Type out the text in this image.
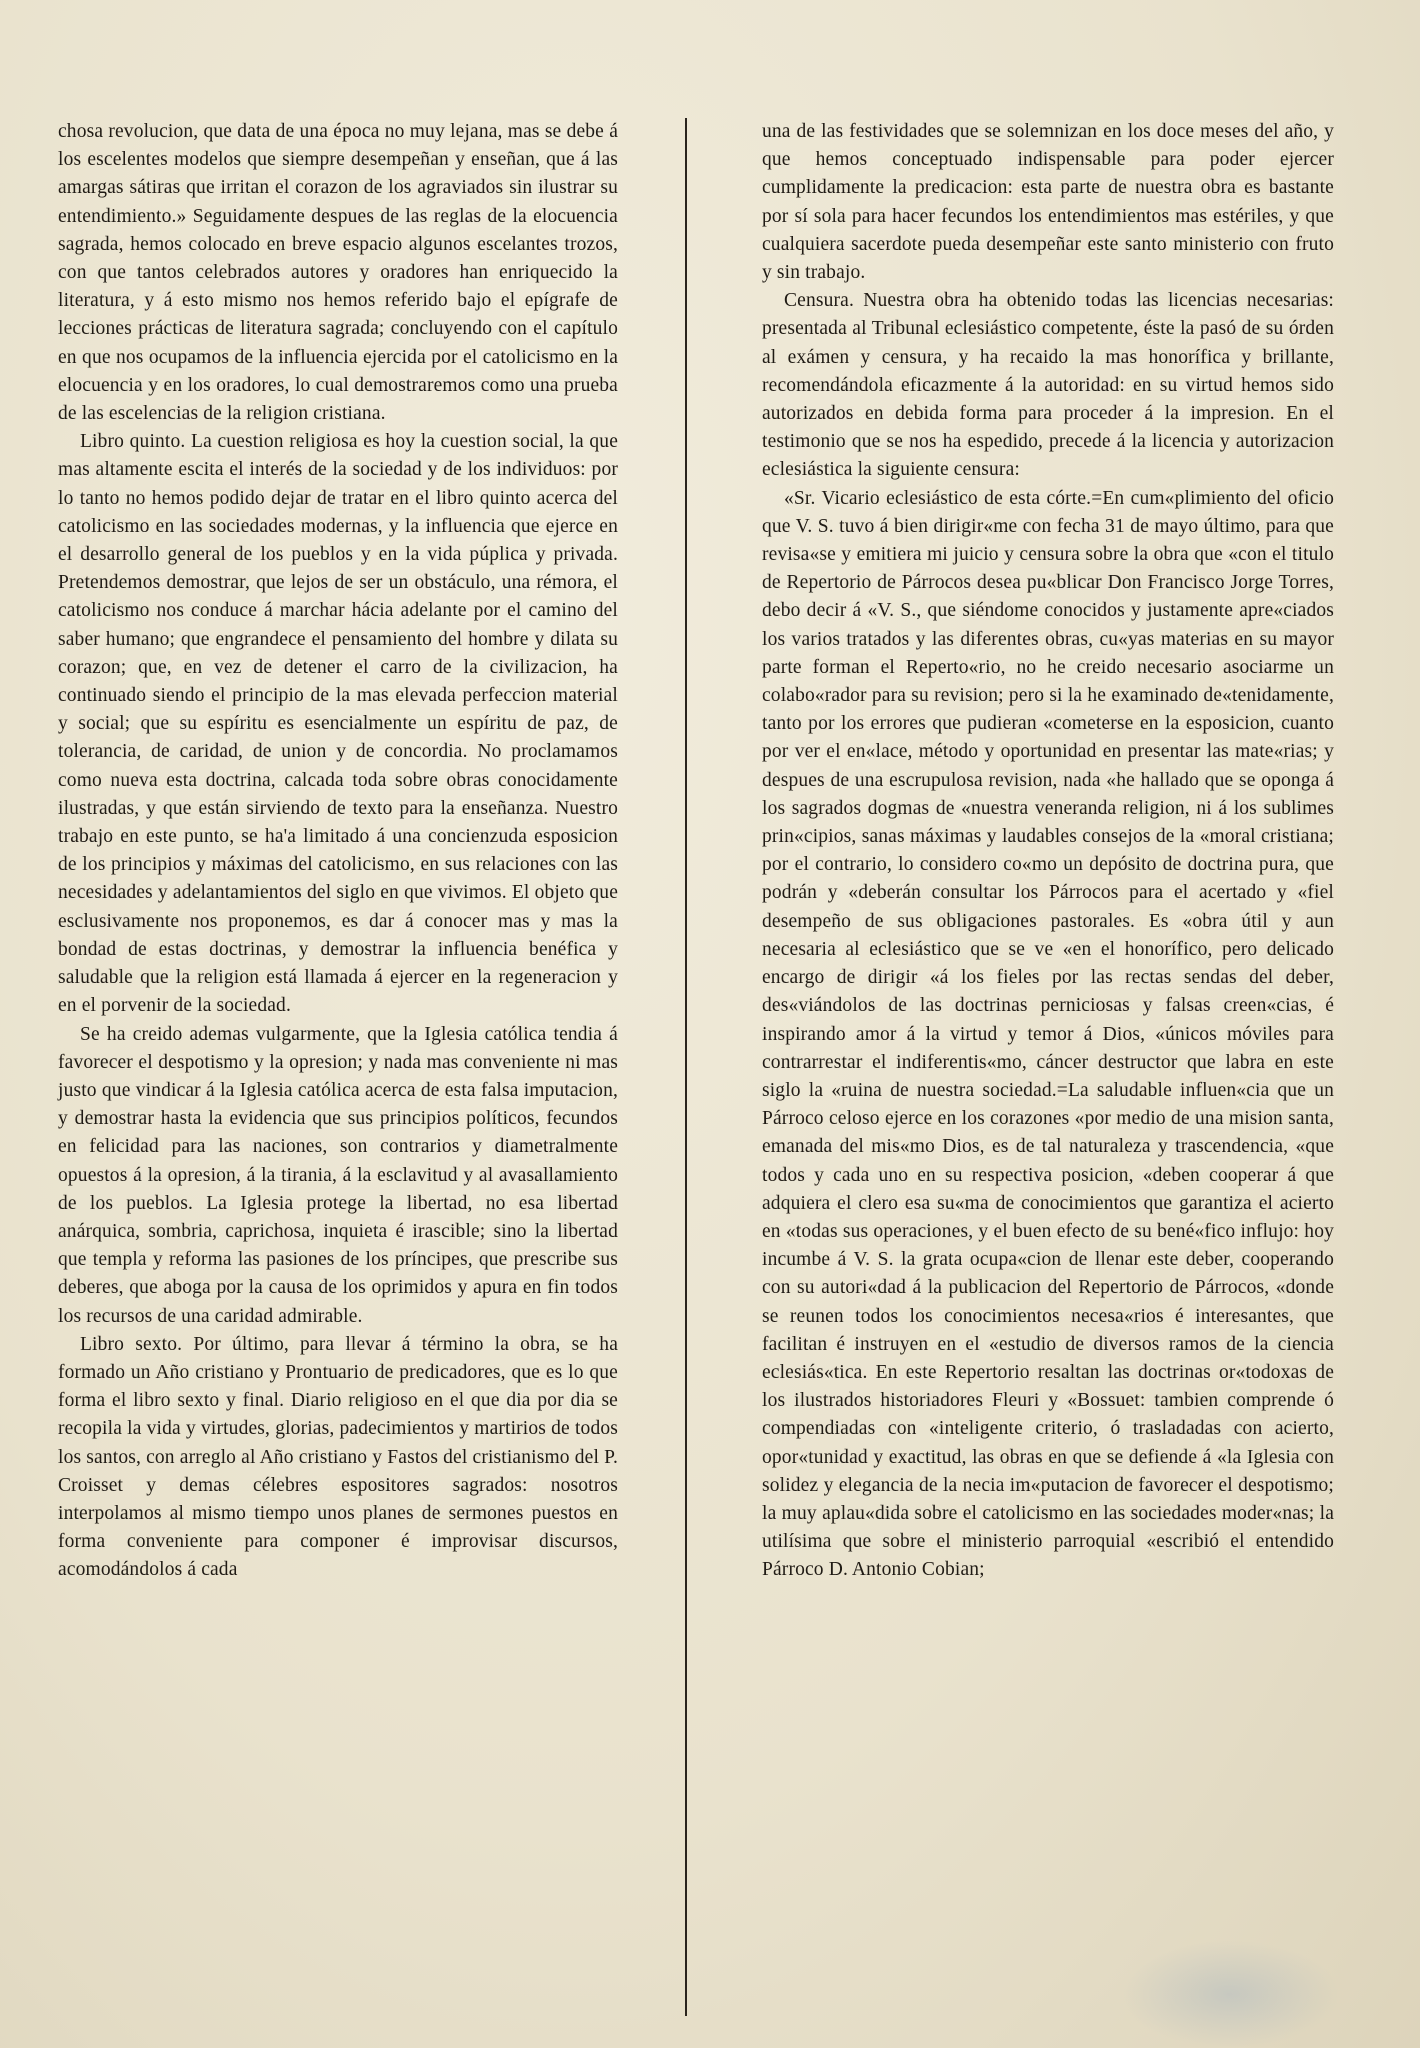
chosa revolucion, que data de una época no muy lejana, mas se debe á los escelentes modelos que siempre desempeñan y enseñan, que á las amargas sátiras que irritan el corazon de los agraviados sin ilustrar su entendimiento.» Seguidamente despues de las reglas de la elocuencia sagrada, hemos colocado en breve espacio algunos escelantes trozos, con que tantos celebrados autores y oradores han enriquecido la literatura, y á esto mismo nos hemos referido bajo el epígrafe de lecciones prácticas de literatura sagrada; concluyendo con el capítulo en que nos ocupamos de la influencia ejercida por el catolicismo en la elocuencia y en los oradores, lo cual demostraremos como una prueba de las escelencias de la religion cristiana.

Libro quinto. La cuestion religiosa es hoy la cuestion social, la que mas altamente escita el interés de la sociedad y de los individuos: por lo tanto no hemos podido dejar de tratar en el libro quinto acerca del catolicismo en las sociedades modernas, y la influencia que ejerce en el desarrollo general de los pueblos y en la vida púplica y privada. Pretendemos demostrar, que lejos de ser un obstáculo, una rémora, el catolicismo nos conduce á marchar hácia adelante por el camino del saber humano; que engrandece el pensamiento del hombre y dilata su corazon; que, en vez de detener el carro de la civilizacion, ha continuado siendo el principio de la mas elevada perfeccion material y social; que su espíritu es esencialmente un espíritu de paz, de tolerancia, de caridad, de union y de concordia. No proclamamos como nueva esta doctrina, calcada toda sobre obras conocidamente ilustradas, y que están sirviendo de texto para la enseñanza. Nuestro trabajo en este punto, se ha'a limitado á una concienzuda esposicion de los principios y máximas del catolicismo, en sus relaciones con las necesidades y adelantamientos del siglo en que vivimos. El objeto que esclusivamente nos proponemos, es dar á conocer mas y mas la bondad de estas doctrinas, y demostrar la influencia benéfica y saludable que la religion está llamada á ejercer en la regeneracion y en el porvenir de la sociedad.

Se ha creido ademas vulgarmente, que la Iglesia católica tendia á favorecer el despotismo y la opresion; y nada mas conveniente ni mas justo que vindicar á la Iglesia católica acerca de esta falsa imputacion, y demostrar hasta la evidencia que sus principios políticos, fecundos en felicidad para las naciones, son contrarios y diametralmente opuestos á la opresion, á la tirania, á la esclavitud y al avasallamiento de los pueblos. La Iglesia protege la libertad, no esa libertad anárquica, sombria, caprichosa, inquieta é irascible; sino la libertad que templa y reforma las pasiones de los príncipes, que prescribe sus deberes, que aboga por la causa de los oprimidos y apura en fin todos los recursos de una caridad admirable.

Libro sexto. Por último, para llevar á término la obra, se ha formado un Año cristiano y Prontuario de predicadores, que es lo que forma el libro sexto y final. Diario religioso en el que dia por dia se recopila la vida y virtudes, glorias, padecimientos y martirios de todos los santos, con arreglo al Año cristiano y Fastos del cristianismo del P. Croisset y demas célebres espositores sagrados: nosotros interpolamos al mismo tiempo unos planes de sermones puestos en forma conveniente para componer é improvisar discursos, acomodándolos á cada

una de las festividades que se solemnizan en los doce meses del año, y que hemos conceptuado indispensable para poder ejercer cumplidamente la predicacion: esta parte de nuestra obra es bastante por sí sola para hacer fecundos los entendimientos mas estériles, y que cualquiera sacerdote pueda desempeñar este santo ministerio con fruto y sin trabajo.

Censura. Nuestra obra ha obtenido todas las licencias necesarias: presentada al Tribunal eclesiástico competente, éste la pasó de su órden al exámen y censura, y ha recaido la mas honorífica y brillante, recomendándola eficazmente á la autoridad: en su virtud hemos sido autorizados en debida forma para proceder á la impresion. En el testimonio que se nos ha espedido, precede á la licencia y autorizacion eclesiástica la siguiente censura:

«Sr. Vicario eclesiástico de esta córte.=En cum«plimiento del oficio que V. S. tuvo á bien dirigir«me con fecha 31 de mayo último, para que revisa«se y emitiera mi juicio y censura sobre la obra que «con el titulo de Repertorio de Párrocos desea pu«blicar Don Francisco Jorge Torres, debo decir á «V. S., que siéndome conocidos y justamente apre«ciados los varios tratados y las diferentes obras, cu«yas materias en su mayor parte forman el Reperto«rio, no he creido necesario asociarme un colabo«rador para su revision; pero si la he examinado de«tenidamente, tanto por los errores que pudieran «cometerse en la esposicion, cuanto por ver el en«lace, método y oportunidad en presentar las mate«rias; y despues de una escrupulosa revision, nada «he hallado que se oponga á los sagrados dogmas de «nuestra veneranda religion, ni á los sublimes prin«cipios, sanas máximas y laudables consejos de la «moral cristiana; por el contrario, lo considero co«mo un depósito de doctrina pura, que podrán y «deberán consultar los Párrocos para el acertado y «fiel desempeño de sus obligaciones pastorales. Es «obra útil y aun necesaria al eclesiástico que se ve «en el honorífico, pero delicado encargo de dirigir «á los fieles por las rectas sendas del deber, des«viándolos de las doctrinas perniciosas y falsas creen«cias, é inspirando amor á la virtud y temor á Dios, «únicos móviles para contrarrestar el indiferentis«mo, cáncer destructor que labra en este siglo la «ruina de nuestra sociedad.=La saludable influen«cia que un Párroco celoso ejerce en los corazones «por medio de una mision santa, emanada del mis«mo Dios, es de tal naturaleza y trascendencia, «que todos y cada uno en su respectiva posicion, «deben cooperar á que adquiera el clero esa su«ma de conocimientos que garantiza el acierto en «todas sus operaciones, y el buen efecto de su bené«fico influjo: hoy incumbe á V. S. la grata ocupa«cion de llenar este deber, cooperando con su autori«dad á la publicacion del Repertorio de Párrocos, «donde se reunen todos los conocimientos necesa«rios é interesantes, que facilitan é instruyen en el «estudio de diversos ramos de la ciencia eclesiás«tica. En este Repertorio resaltan las doctrinas or«todoxas de los ilustrados historiadores Fleuri y «Bossuet: tambien comprende ó compendiadas con «inteligente criterio, ó trasladadas con acierto, opor«tunidad y exactitud, las obras en que se defiende á «la Iglesia con solidez y elegancia de la necia im«putacion de favorecer el despotismo; la muy aplau«dida sobre el catolicismo en las sociedades moder«nas; la utilísima que sobre el ministerio parroquial «escribió el entendido Párroco D. Antonio Cobian;
